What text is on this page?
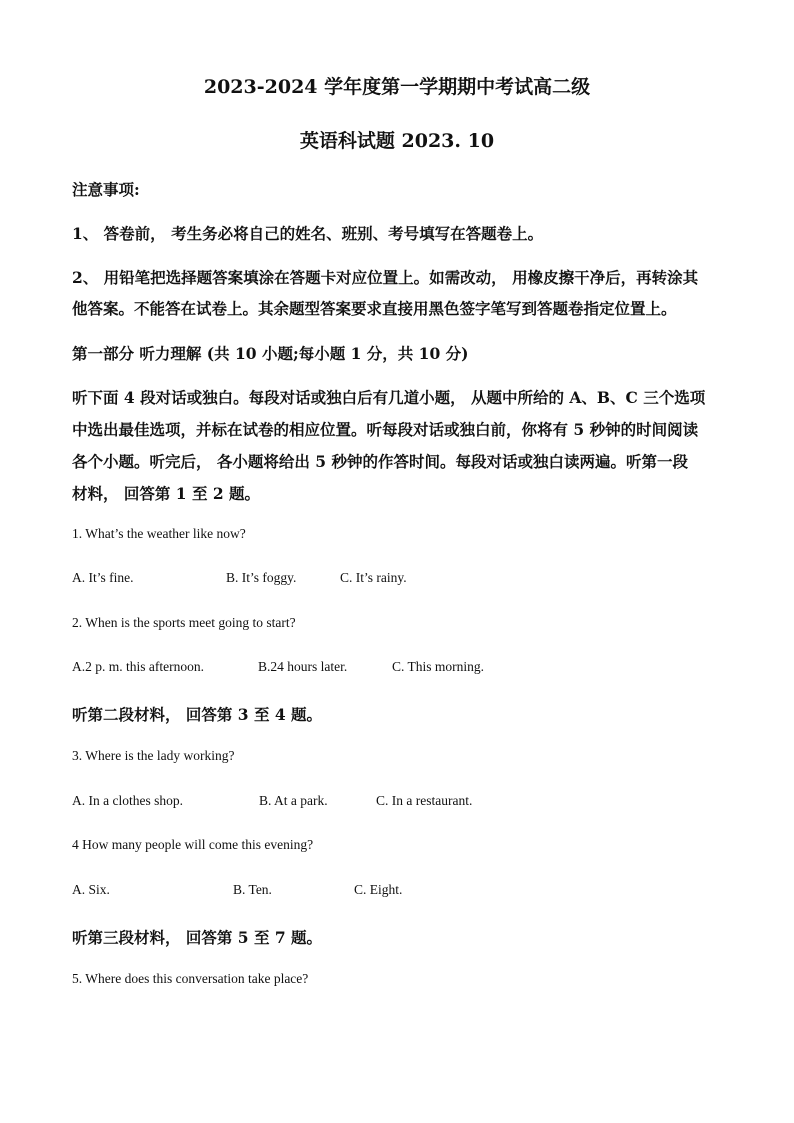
2023-2024 学年度第一学期期中考试高二级
英语科试题 2023. 10
注意事项:
1、 答卷前， 考生务必将自己的姓名、班别、考号填写在答题卷上。
2、 用铅笔把选择题答案填涂在答题卡对应位置上。如需改动， 用橡皮擦干净后，再转涂其
他答案。不能答在试卷上。其余题型答案要求直接用黑色签字笔写到答题卷指定位置上。
第一部分 听力理解 (共 10 小题;每小题 1 分，共 10 分)
听下面 4 段对话或独白。每段对话或独白后有几道小题， 从题中所给的 A、B、C 三个选项
中选出最佳选项，并标在试卷的相应位置。听每段对话或独白前，你将有 5 秒钟的时间阅读
各个小题。听完后， 各小题将给出 5 秒钟的作答时间。每段对话或独白读两遍。听第一段
材料， 回答第 1 至 2 题。
1. What’s the weather like now?
A. It’s fine.	B. It’s foggy.	C. It’s rainy.
2. When is the sports meet going to start?
A.2 p. m. this afternoon.	B.24 hours later.	C. This morning.
听第二段材料， 回答第 3 至 4 题。
3. Where is the lady working?
A. In a clothes shop.	B. At a park.	C. In a restaurant.
4 How many people will come this evening?
A. Six.	B. Ten.	C. Eight.
听第三段材料， 回答第 5 至 7 题。
5. Where does this conversation take place?
